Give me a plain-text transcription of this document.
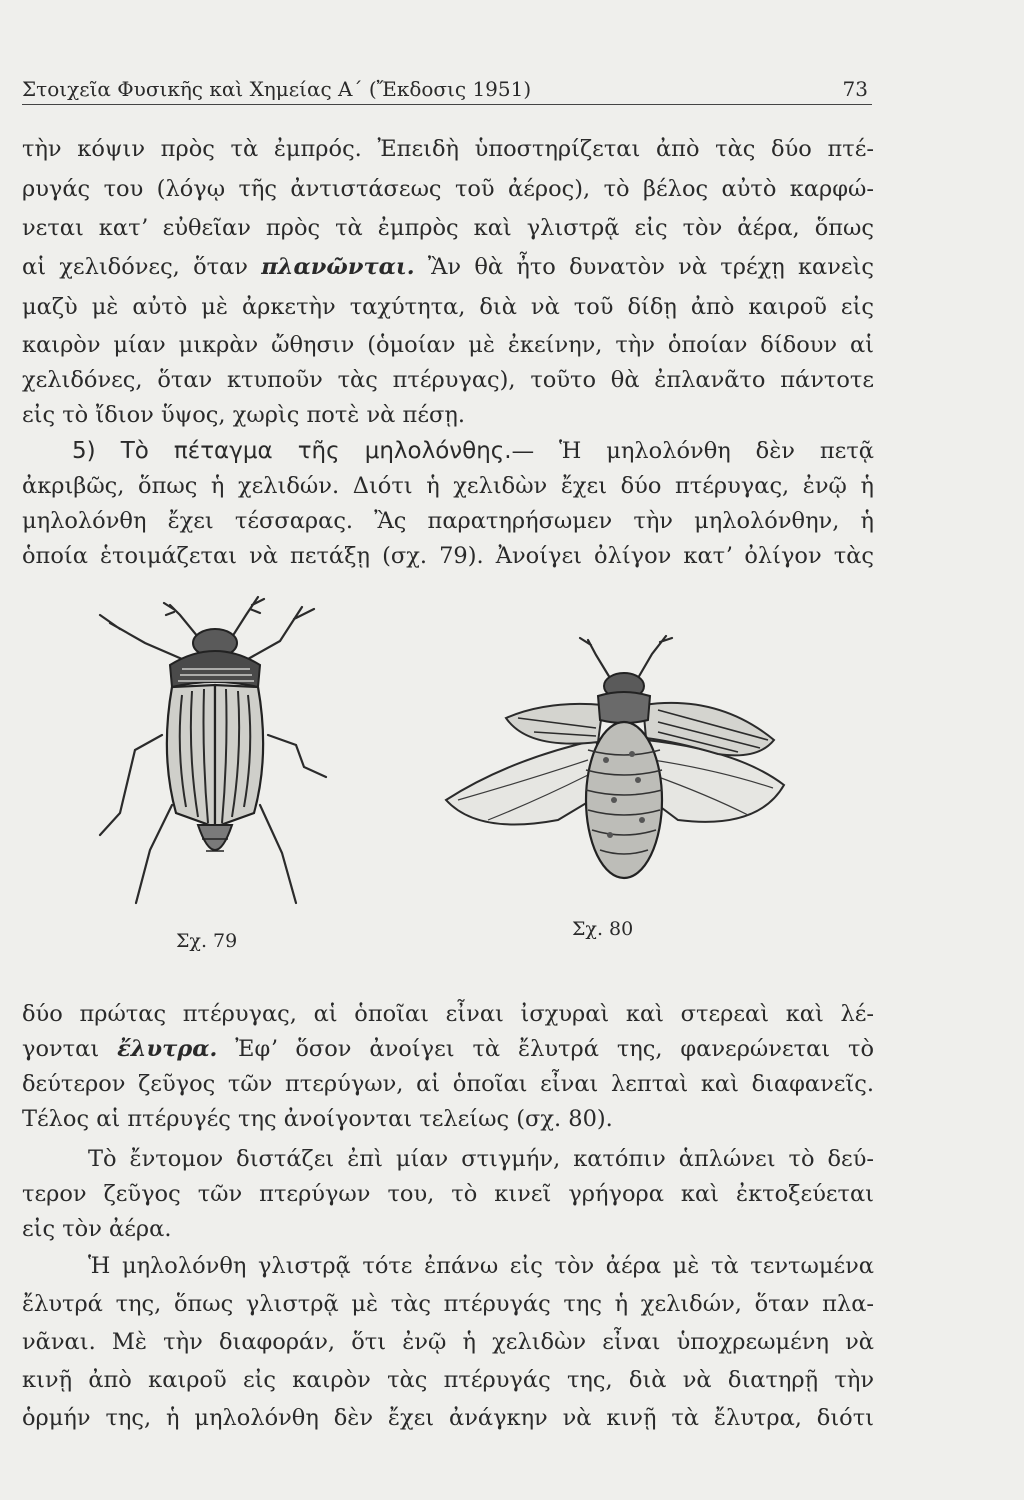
Στοιχεῖα Φυσικῆς καὶ Χημείας Α΄ (Ἔκδοσις 1951)	73
τὴν κόψιν πρὸς τὰ ἐμπρός. Ἐπειδὴ ὑποστηρίζεται ἀπὸ τὰς δύο πτέ-
ρυγάς του (λόγῳ τῆς ἀντιστάσεως τοῦ ἀέρος), τὸ βέλος αὐτὸ καρφώ-
νεται κατʼ εὐθεῖαν πρὸς τὰ ἐμπρὸς καὶ γλιστρᾷ εἰς τὸν ἀέρα, ὅπως
αἱ χελιδόνες, ὅταν πλανῶνται. Ἂν θὰ ἦτο δυνατὸν νὰ τρέχῃ κανεὶς
μαζὺ μὲ αὐτὸ μὲ ἀρκετὴν ταχύτητα, διὰ νὰ τοῦ δίδῃ ἀπὸ καιροῦ εἰς
καιρὸν μίαν μικρὰν ὤθησιν (ὁμοίαν μὲ ἐκείνην, τὴν ὁποίαν δίδουν αἱ
χελιδόνες, ὅταν κτυποῦν τὰς πτέρυγας), τοῦτο θὰ ἐπλανᾶτο πάντοτε
εἰς τὸ ἴδιον ὕψος, χωρὶς ποτὲ νὰ πέσῃ.
5) Τὸ πέταγμα τῆς μηλολόνθης.— Ἡ μηλολόνθη δὲν πετᾷ
ἀκριβῶς, ὅπως ἡ χελιδών. Διότι ἡ χελιδὼν ἔχει δύο πτέρυγας, ἐνῷ ἡ
μηλολόνθη ἔχει τέσσαρας. Ἂς παρατηρήσωμεν τὴν μηλολόνθην, ἡ
ὁποία ἑτοιμάζεται νὰ πετάξῃ (σχ. 79). Ἀνοίγει ὀλίγον κατʼ ὀλίγον τὰς
Σχ. 79
Σχ. 80
δύο πρώτας πτέρυγας, αἱ ὁποῖαι εἶναι ἰσχυραὶ καὶ στερεαὶ καὶ λέ-
γονται ἔλυτρα. Ἐφʼ ὅσον ἀνοίγει τὰ ἔλυτρά της, φανερώνεται τὸ
δεύτερον ζεῦγος τῶν πτερύγων, αἱ ὁποῖαι εἶναι λεπταὶ καὶ διαφανεῖς.
Τέλος αἱ πτέρυγές της ἀνοίγονται τελείως (σχ. 80).
Τὸ ἔντομον διστάζει ἐπὶ μίαν στιγμήν, κατόπιν ἁπλώνει τὸ δεύ-
τερον ζεῦγος τῶν πτερύγων του, τὸ κινεῖ γρήγορα καὶ ἐκτοξεύεται
εἰς τὸν ἀέρα.
Ἡ μηλολόνθη γλιστρᾷ τότε ἐπάνω εἰς τὸν ἀέρα μὲ τὰ τεντωμένα
ἔλυτρά της, ὅπως γλιστρᾷ μὲ τὰς πτέρυγάς της ἡ χελιδών, ὅταν πλα-
νᾶναι. Μὲ τὴν διαφοράν, ὅτι ἐνῷ ἡ χελιδὼν εἶναι ὑποχρεωμένη νὰ
κινῇ ἀπὸ καιροῦ εἰς καιρὸν τὰς πτέρυγάς της, διὰ νὰ διατηρῇ τὴν
ὁρμήν της, ἡ μηλολόνθη δὲν ἔχει ἀνάγκην νὰ κινῇ τὰ ἔλυτρα, διότι
